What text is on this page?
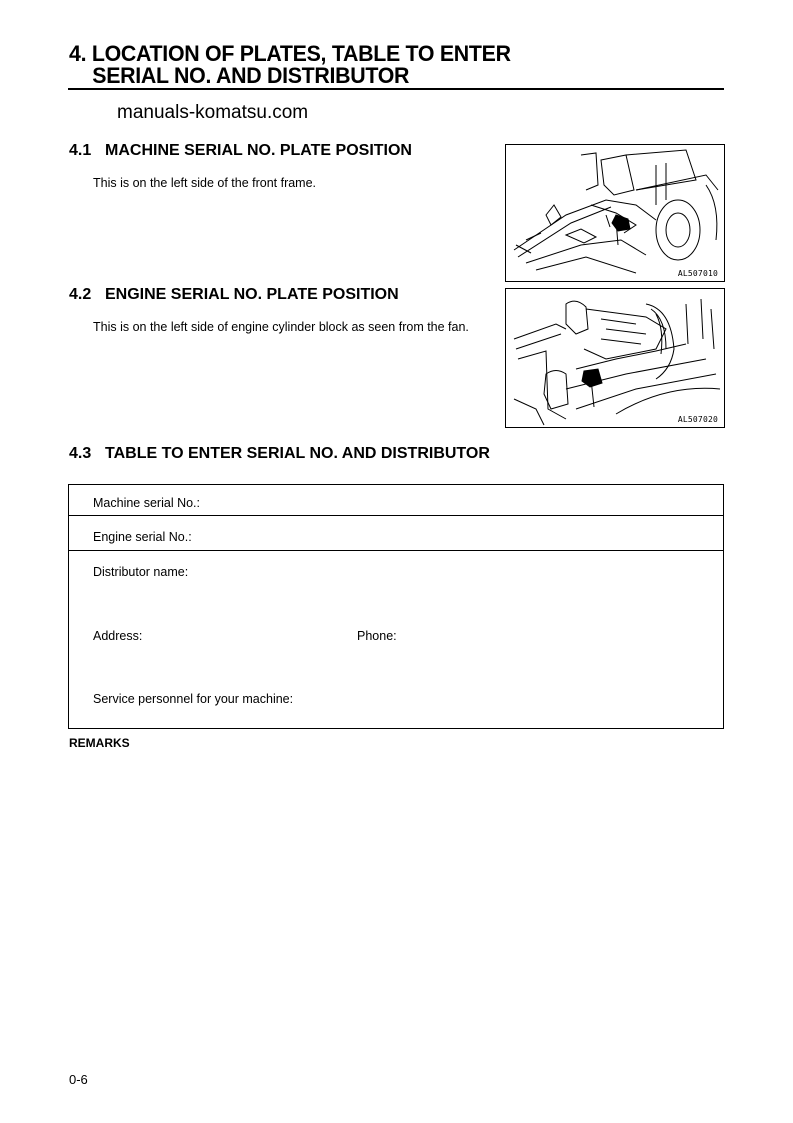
4. LOCATION OF PLATES, TABLE TO ENTER
SERIAL NO. AND DISTRIBUTOR
manuals-komatsu.com
4.1 MACHINE SERIAL NO. PLATE POSITION
This is on the left side of the front frame.
AL507010
4.2 ENGINE SERIAL NO. PLATE POSITION
This is on the left side of engine cylinder block as seen from the fan.
AL507020
4.3 TABLE TO ENTER SERIAL NO. AND DISTRIBUTOR
Machine serial No.:
Engine serial No.:
Distributor name:
Address:	Phone:
Service personnel for your machine:
REMARKS
0-6
